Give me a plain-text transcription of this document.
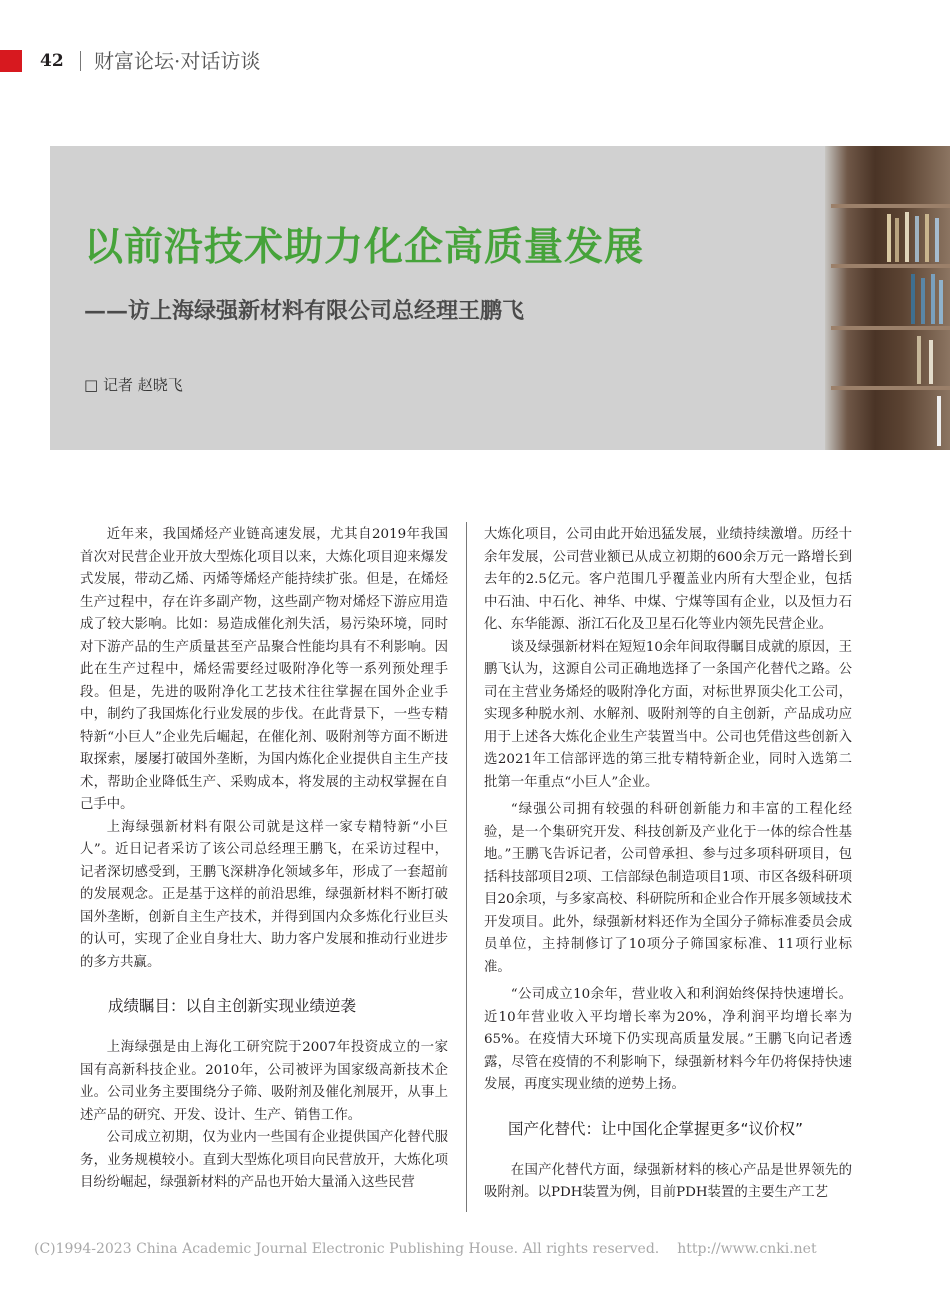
42 财富论坛·对话访谈
以前沿技术助力化企高质量发展
——访上海绿强新材料有限公司总经理王鹏飞
□ 记者 赵晓飞

近年来，我国烯烃产业链高速发展，尤其自2019年我国首次对民营企业开放大型炼化项目以来，大炼化项目迎来爆发式发展，带动乙烯、丙烯等烯烃产能持续扩张。但是，在烯烃生产过程中，存在许多副产物，这些副产物对烯烃下游应用造成了较大影响。比如：易造成催化剂失活，易污染环境，同时对下游产品的生产质量甚至产品聚合性能均具有不利影响。因此在生产过程中，烯烃需要经过吸附净化等一系列预处理手段。但是，先进的吸附净化工艺技术往往掌握在国外企业手中，制约了我国炼化行业发展的步伐。在此背景下，一些专精特新“小巨人”企业先后崛起，在催化剂、吸附剂等方面不断进取探索，屡屡打破国外垄断，为国内炼化企业提供自主生产技术，帮助企业降低生产、采购成本，将发展的主动权掌握在自己手中。

上海绿强新材料有限公司就是这样一家专精特新“小巨人”。近日记者采访了该公司总经理王鹏飞，在采访过程中，记者深切感受到，王鹏飞深耕净化领域多年，形成了一套超前的发展观念。正是基于这样的前沿思维，绿强新材料不断打破国外垄断，创新自主生产技术，并得到国内众多炼化行业巨头的认可，实现了企业自身壮大、助力客户发展和推动行业进步的多方共赢。

成绩瞩目：以自主创新实现业绩逆袭

上海绿强是由上海化工研究院于2007年投资成立的一家国有高新科技企业。2010年，公司被评为国家级高新技术企业。公司业务主要围绕分子筛、吸附剂及催化剂展开，从事上述产品的研究、开发、设计、生产、销售工作。

公司成立初期，仅为业内一些国有企业提供国产化替代服务，业务规模较小。直到大型炼化项目向民营放开，大炼化项目纷纷崛起，绿强新材料的产品也开始大量涌入这些民营

大炼化项目，公司由此开始迅猛发展，业绩持续激增。历经十余年发展，公司营业额已从成立初期的600余万元一路增长到去年的2.5亿元。客户范围几乎覆盖业内所有大型企业，包括中石油、中石化、神华、中煤、宁煤等国有企业，以及恒力石化、东华能源、浙江石化及卫星石化等业内领先民营企业。

谈及绿强新材料在短短10余年间取得瞩目成就的原因，王鹏飞认为，这源自公司正确地选择了一条国产化替代之路。公司在主营业务烯烃的吸附净化方面，对标世界顶尖化工公司，实现多种脱水剂、水解剂、吸附剂等的自主创新，产品成功应用于上述各大炼化企业生产装置当中。公司也凭借这些创新入选2021年工信部评选的第三批专精特新企业，同时入选第二批第一年重点“小巨人”企业。

“绿强公司拥有较强的科研创新能力和丰富的工程化经验，是一个集研究开发、科技创新及产业化于一体的综合性基地。”王鹏飞告诉记者，公司曾承担、参与过多项科研项目，包括科技部项目2项、工信部绿色制造项目1项、市区各级科研项目20余项，与多家高校、科研院所和企业合作开展多领域技术开发项目。此外，绿强新材料还作为全国分子筛标准委员会成员单位，主持制修订了10项分子筛国家标准、11项行业标准。

“公司成立10余年，营业收入和利润始终保持快速增长。近10年营业收入平均增长率为20%，净利润平均增长率为65%。在疫情大环境下仍实现高质量发展。”王鹏飞向记者透露，尽管在疫情的不利影响下，绿强新材料今年仍将保持快速发展，再度实现业绩的逆势上扬。

国产化替代：让中国化企掌握更多“议价权”

在国产化替代方面，绿强新材料的核心产品是世界领先的吸附剂。以PDH装置为例，目前PDH装置的主要生产工艺

(C)1994-2023 China Academic Journal Electronic Publishing House. All rights reserved. http://www.cnki.net
